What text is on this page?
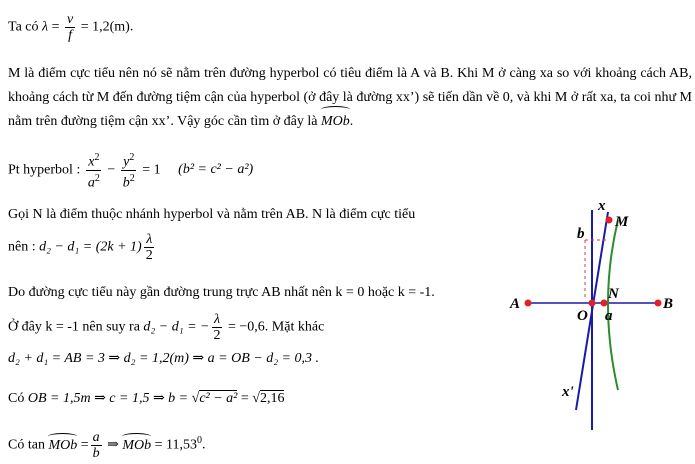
Ta có $\lambda = \frac{v}{f} = 1,2(m)$.
M là điểm cực tiểu nên nó sẽ nằm trên đường hyperbol có tiêu điểm là A và B. Khi M ở càng xa so với khoảng cách AB, khoảng cách từ M đến đường tiệm cận của hyperbol (ở đây là đường xx’) sẽ tiến dần về 0, và khi M ở rất xa, ta coi như M nằm trên đường tiệm cận xx’. Vậy góc cần tìm ở đây là MOb.
Pt hyperbol : $\frac{x^2}{a^2} - \frac{y^2}{b^2} = 1$ (b² = c² − a²)
Gọi N là điểm thuộc nhánh hyperbol và nằm trên AB. N là điểm cực tiểu
nên : $d_2 - d_1 = (2k + 1) \frac{\lambda}{2}$
Do đường cực tiểu này gần đường trung trực AB nhất nên k = 0 hoặc k = -1.
Ở đây k = -1 nên suy ra d₂ − d₁ = − $\frac{\lambda}{2} = -0,6$. Mặt khác
d₂ + d₁ = AB = 3 ⇒ d₂ = 1,2(m) ⇒ a = OB − d₂ = 0,3 .
Có OB = 1,5m ⇒ c = 1,5 ⇒ b = √c² − a² = √2,16
Có tan MOb = $\frac{a}{b}$ ⇒ MOb = $11,53^0$.
x
M
b
N
A	B
O a
x'
